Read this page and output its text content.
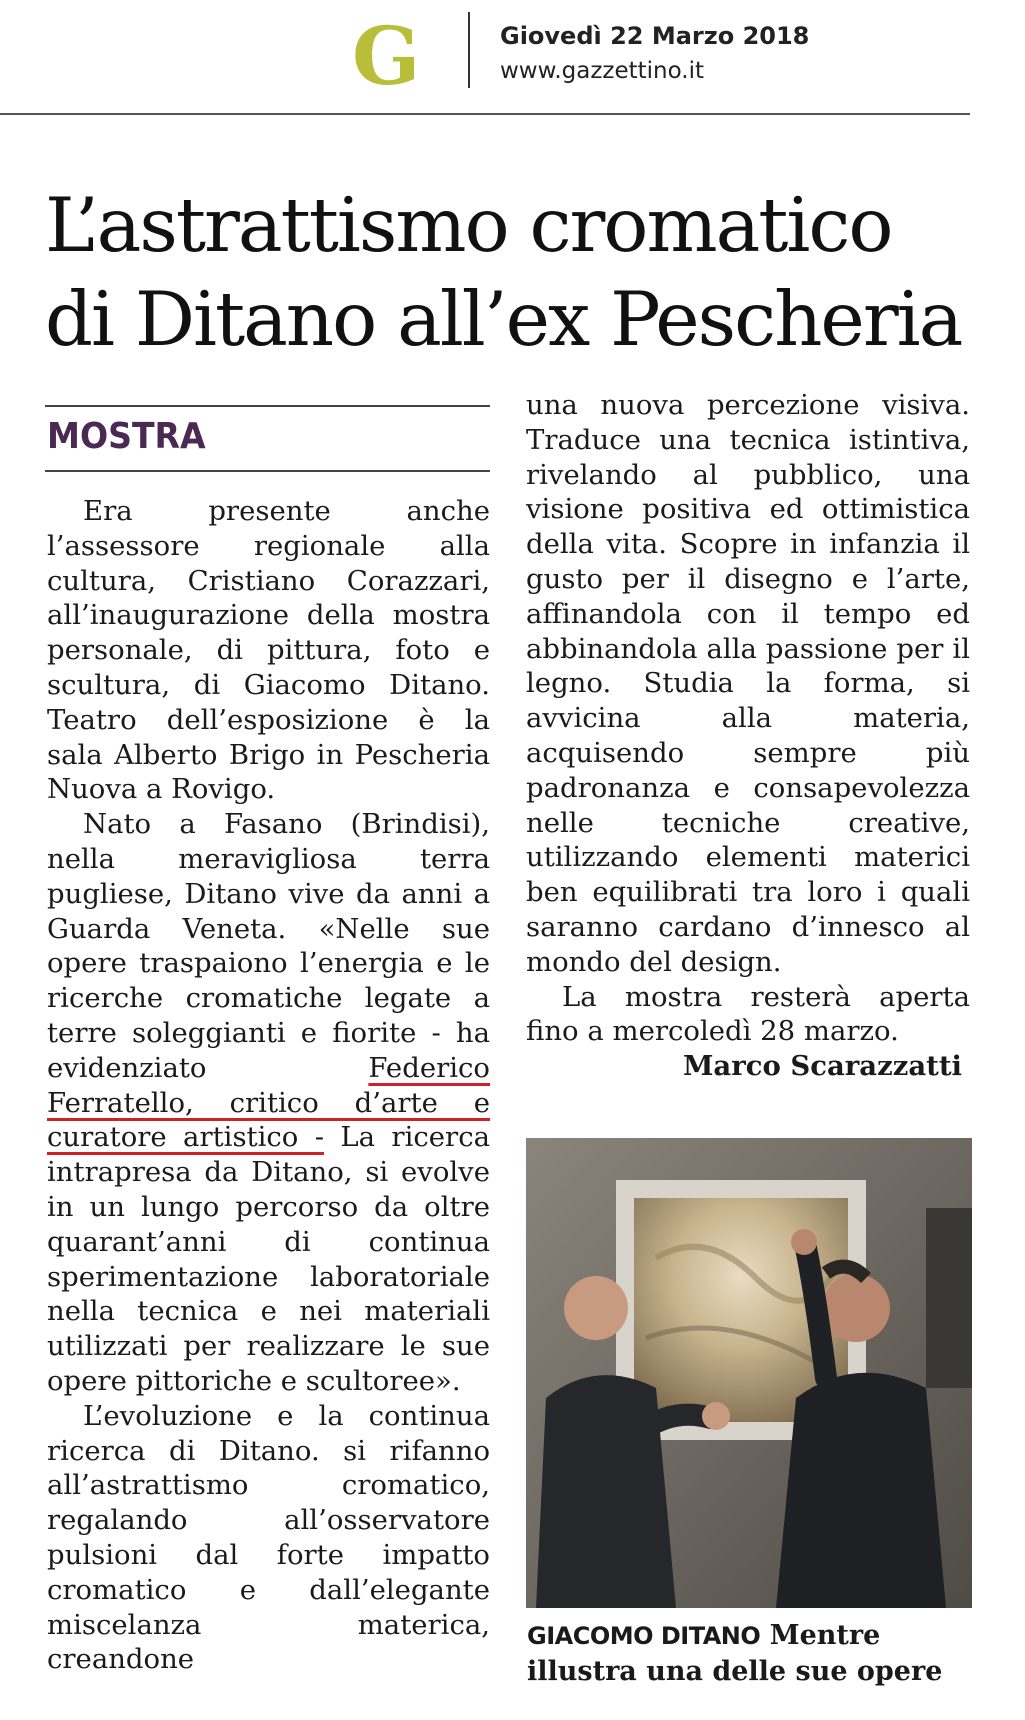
G	Giovedì 22 Marzo 2018
www.gazzettino.it
L’astrattismo cromatico di Ditano all’ex Pescheria
MOSTRA

Era presente anche l’assessore regionale alla cultura, Cristiano Corazzari, all’inaugurazione della mostra personale, di pittura, foto e scultura, di Giacomo Ditano. Teatro dell’esposizione è la sala Alberto Brigo in Pescheria Nuova a Rovigo.

Nato a Fasano (Brindisi), nella meravigliosa terra pugliese, Ditano vive da anni a Guarda Veneta. «Nelle sue opere traspaiono l’energia e le ricerche cromatiche legate a terre soleggianti e fiorite - ha evidenziato Federico Ferratello, critico d’arte e curatore artistico - La ricerca intrapresa da Ditano, si evolve in un lungo percorso da oltre quarant’anni di continua sperimentazione laboratoriale nella tecnica e nei materiali utilizzati per realizzare le sue opere pittoriche e scultoree».

L’evoluzione e la continua ricerca di Ditano. si rifanno all’astrattismo cromatico, regalando all’osservatore pulsioni dal forte impatto cromatico e dall’elegante miscelanza materica, creandone

una nuova percezione visiva. Traduce una tecnica istintiva, rivelando al pubblico, una visione positiva ed ottimistica della vita. Scopre in infanzia il gusto per il disegno e l’arte, affinandola con il tempo ed abbinandola alla passione per il legno. Studia la forma, si avvicina alla materia, acquisendo sempre più padronanza e consapevolezza nelle tecniche creative, utilizzando elementi materici ben equilibrati tra loro i quali saranno cardano d’innesco al mondo del design.

La mostra resterà aperta fino a mercoledì 28 marzo.

Marco Scarazzatti
GIACOMO DITANO Mentre illustra una delle sue opere
